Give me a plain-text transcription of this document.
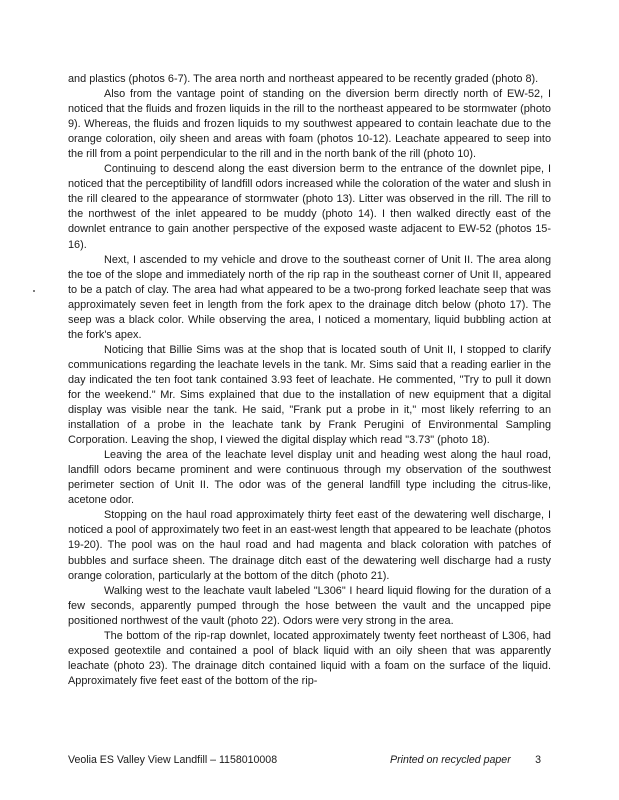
and plastics (photos 6-7). The area north and northeast appeared to be recently graded (photo 8).

Also from the vantage point of standing on the diversion berm directly north of EW-52, I noticed that the fluids and frozen liquids in the rill to the northeast appeared to be stormwater (photo 9). Whereas, the fluids and frozen liquids to my southwest appeared to contain leachate due to the orange coloration, oily sheen and areas with foam (photos 10-12). Leachate appeared to seep into the rill from a point perpendicular to the rill and in the north bank of the rill (photo 10).

Continuing to descend along the east diversion berm to the entrance of the downlet pipe, I noticed that the perceptibility of landfill odors increased while the coloration of the water and slush in the rill cleared to the appearance of stormwater (photo 13). Litter was observed in the rill. The rill to the northwest of the inlet appeared to be muddy (photo 14). I then walked directly east of the downlet entrance to gain another perspective of the exposed waste adjacent to EW-52 (photos 15-16).

Next, I ascended to my vehicle and drove to the southeast corner of Unit II. The area along the toe of the slope and immediately north of the rip rap in the southeast corner of Unit II, appeared to be a patch of clay. The area had what appeared to be a two-prong forked leachate seep that was approximately seven feet in length from the fork apex to the drainage ditch below (photo 17). The seep was a black color. While observing the area, I noticed a momentary, liquid bubbling action at the fork's apex.

Noticing that Billie Sims was at the shop that is located south of Unit II, I stopped to clarify communications regarding the leachate levels in the tank. Mr. Sims said that a reading earlier in the day indicated the ten foot tank contained 3.93 feet of leachate. He commented, "Try to pull it down for the weekend." Mr. Sims explained that due to the installation of new equipment that a digital display was visible near the tank. He said, "Frank put a probe in it," most likely referring to an installation of a probe in the leachate tank by Frank Perugini of Environmental Sampling Corporation. Leaving the shop, I viewed the digital display which read "3.73" (photo 18).

Leaving the area of the leachate level display unit and heading west along the haul road, landfill odors became prominent and were continuous through my observation of the southwest perimeter section of Unit II. The odor was of the general landfill type including the citrus-like, acetone odor.

Stopping on the haul road approximately thirty feet east of the dewatering well discharge, I noticed a pool of approximately two feet in an east-west length that appeared to be leachate (photos 19-20). The pool was on the haul road and had magenta and black coloration with patches of bubbles and surface sheen. The drainage ditch east of the dewatering well discharge had a rusty orange coloration, particularly at the bottom of the ditch (photo 21).

Walking west to the leachate vault labeled "L306" I heard liquid flowing for the duration of a few seconds, apparently pumped through the hose between the vault and the uncapped pipe positioned northwest of the vault (photo 22). Odors were very strong in the area.

The bottom of the rip-rap downlet, located approximately twenty feet northeast of L306, had exposed geotextile and contained a pool of black liquid with an oily sheen that was apparently leachate (photo 23). The drainage ditch contained liquid with a foam on the surface of the liquid. Approximately five feet east of the bottom of the rip-

Veolia ES Valley View Landfill – 1158010008	Printed on recycled paper 3
